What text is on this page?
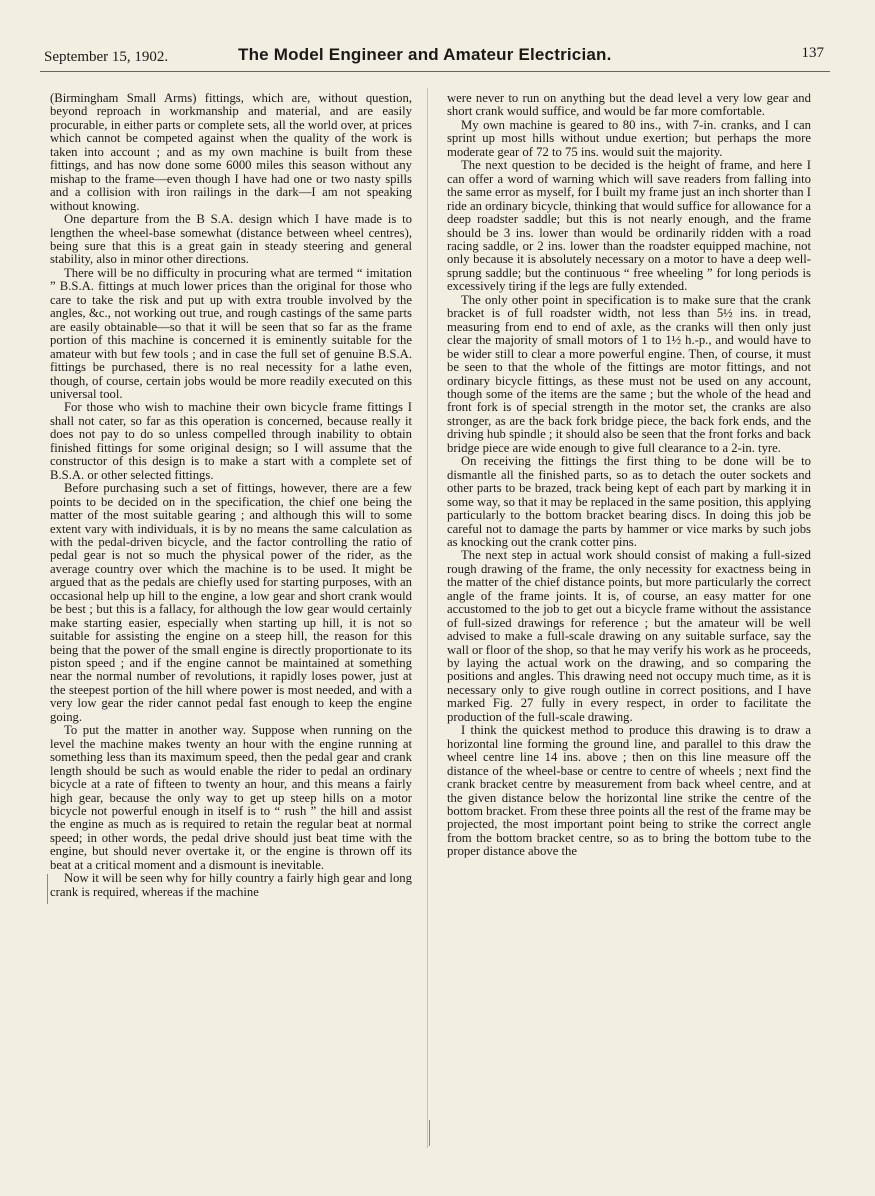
September 15, 1902.	The Model Engineer and Amateur Electrician.	137

(Birmingham Small Arms) fittings, which are, without question, beyond reproach in workmanship and material, and are easily procurable, in either parts or complete sets, all the world over, at prices which cannot be competed against when the quality of the work is taken into account ; and as my own machine is built from these fittings, and has now done some 6000 miles this season without any mishap to the frame—even though I have had one or two nasty spills and a collision with iron railings in the dark—I am not speaking without knowing.

One departure from the B S.A. design which I have made is to lengthen the wheel-base somewhat (distance between wheel centres), being sure that this is a great gain in steady steering and general stability, also in minor other directions.

There will be no difficulty in procuring what are termed “ imitation ” B.S.A. fittings at much lower prices than the original for those who care to take the risk and put up with extra trouble involved by the angles, &c., not working out true, and rough castings of the same parts are easily obtainable—so that it will be seen that so far as the frame portion of this machine is concerned it is eminently suitable for the amateur with but few tools ; and in case the full set of genuine B.S.A. fittings be purchased, there is no real necessity for a lathe even, though, of course, certain jobs would be more readily executed on this universal tool.

For those who wish to machine their own bicycle frame fittings I shall not cater, so far as this operation is concerned, because really it does not pay to do so unless compelled through inability to obtain finished fittings for some original design; so I will assume that the constructor of this design is to make a start with a complete set of B.S.A. or other selected fittings.

Before purchasing such a set of fittings, however, there are a few points to be decided on in the specification, the chief one being the matter of the most suitable gearing ; and although this will to some extent vary with individuals, it is by no means the same calculation as with the pedal-driven bicycle, and the factor controlling the ratio of pedal gear is not so much the physical power of the rider, as the average country over which the machine is to be used. It might be argued that as the pedals are chiefly used for starting purposes, with an occasional help up hill to the engine, a low gear and short crank would be best ; but this is a fallacy, for although the low gear would certainly make starting easier, especially when starting up hill, it is not so suitable for assisting the engine on a steep hill, the reason for this being that the power of the small engine is directly proportionate to its piston speed ; and if the engine cannot be maintained at something near the normal number of revolutions, it rapidly loses power, just at the steepest portion of the hill where power is most needed, and with a very low gear the rider cannot pedal fast enough to keep the engine going.

To put the matter in another way. Suppose when running on the level the machine makes twenty an hour with the engine running at something less than its maximum speed, then the pedal gear and crank length should be such as would enable the rider to pedal an ordinary bicycle at a rate of fifteen to twenty an hour, and this means a fairly high gear, because the only way to get up steep hills on a motor bicycle not powerful enough in itself is to “ rush ” the hill and assist the engine as much as is required to retain the regular beat at normal speed; in other words, the pedal drive should just beat time with the engine, but should never overtake it, or the engine is thrown off its beat at a critical moment and a dismount is inevitable.

Now it will be seen why for hilly country a fairly high gear and long crank is required, whereas if the machine

were never to run on anything but the dead level a very low gear and short crank would suffice, and would be far more comfortable.

My own machine is geared to 80 ins., with 7-in. cranks, and I can sprint up most hills without undue exertion; but perhaps the more moderate gear of 72 to 75 ins. would suit the majority.

The next question to be decided is the height of frame, and here I can offer a word of warning which will save readers from falling into the same error as myself, for I built my frame just an inch shorter than I ride an ordinary bicycle, thinking that would suffice for allowance for a deep roadster saddle; but this is not nearly enough, and the frame should be 3 ins. lower than would be ordinarily ridden with a road racing saddle, or 2 ins. lower than the roadster equipped machine, not only because it is absolutely necessary on a motor to have a deep well-sprung saddle; but the continuous “ free wheeling ” for long periods is excessively tiring if the legs are fully extended.

The only other point in specification is to make sure that the crank bracket is of full roadster width, not less than 5½ ins. in tread, measuring from end to end of axle, as the cranks will then only just clear the majority of small motors of 1 to 1½ h.-p., and would have to be wider still to clear a more powerful engine. Then, of course, it must be seen to that the whole of the fittings are motor fittings, and not ordinary bicycle fittings, as these must not be used on any account, though some of the items are the same ; but the whole of the head and front fork is of special strength in the motor set, the cranks are also stronger, as are the back fork bridge piece, the back fork ends, and the driving hub spindle ; it should also be seen that the front forks and back bridge piece are wide enough to give full clearance to a 2-in. tyre.

On receiving the fittings the first thing to be done will be to dismantle all the finished parts, so as to detach the outer sockets and other parts to be brazed, track being kept of each part by marking it in some way, so that it may be replaced in the same position, this applying particularly to the bottom bracket bearing discs. In doing this job be careful not to damage the parts by hammer or vice marks by such jobs as knocking out the crank cotter pins.

The next step in actual work should consist of making a full-sized rough drawing of the frame, the only necessity for exactness being in the matter of the chief distance points, but more particularly the correct angle of the frame joints. It is, of course, an easy matter for one accustomed to the job to get out a bicycle frame without the assistance of full-sized drawings for reference ; but the amateur will be well advised to make a full-scale drawing on any suitable surface, say the wall or floor of the shop, so that he may verify his work as he proceeds, by laying the actual work on the drawing, and so comparing the positions and angles. This drawing need not occupy much time, as it is necessary only to give rough outline in correct positions, and I have marked Fig. 27 fully in every respect, in order to facilitate the production of the full-scale drawing.

I think the quickest method to produce this drawing is to draw a horizontal line forming the ground line, and parallel to this draw the wheel centre line 14 ins. above ; then on this line measure off the distance of the wheel-base or centre to centre of wheels ; next find the crank bracket centre by measurement from back wheel centre, and at the given distance below the horizontal line strike the centre of the bottom bracket. From these three points all the rest of the frame may be projected, the most important point being to strike the correct angle from the bottom bracket centre, so as to bring the bottom tube to the proper distance above the
